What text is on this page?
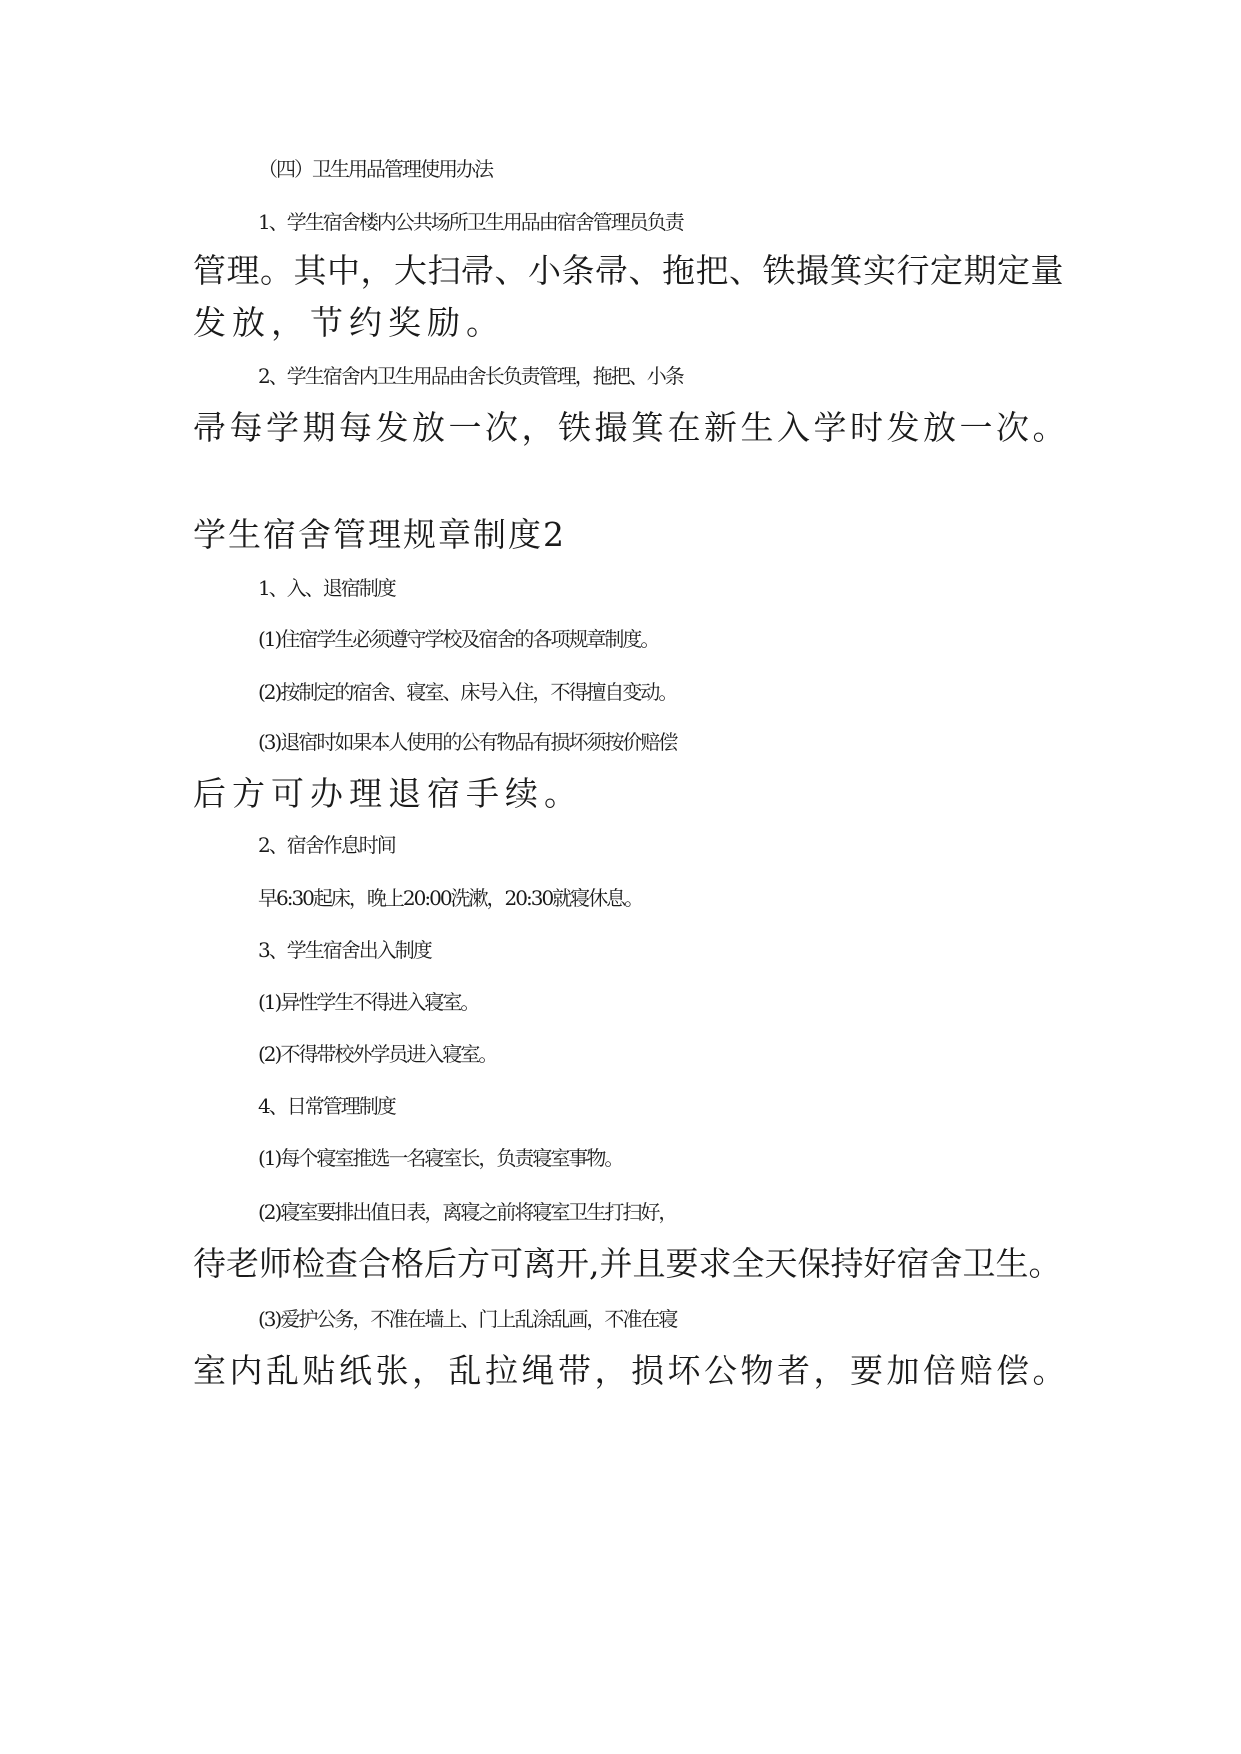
（四）卫生用品管理使用办法

1、学生宿舍楼内公共场所卫生用品由宿舍管理员负责

管理。其中，大扫帚、小条帚、拖把、铁撮箕实行定期定量

发放，节约奖励。

2、学生宿舍内卫生用品由舍长负责管理，拖把、小条

帚每学期每发放一次，铁撮箕在新生入学时发放一次。

学生宿舍管理规章制度2

1、入、退宿制度

(1)住宿学生必须遵守学校及宿舍的各项规章制度。

(2)按制定的宿舍、寝室、床号入住，不得擅自变动。

(3)退宿时如果本人使用的公有物品有损坏须按价赔偿

后方可办理退宿手续。

2、宿舍作息时间

早6:30起床，晚上20:00洗漱，20:30就寝休息。

3、学生宿舍出入制度

(1)异性学生不得进入寝室。

(2)不得带校外学员进入寝室。

4、日常管理制度

(1)每个寝室推选一名寝室长，负责寝室事物。

(2)寝室要排出值日表，离寝之前将寝室卫生打扫好，

待老师检查合格后方可离开,并且要求全天保持好宿舍卫生。

(3)爱护公务，不准在墙上、门上乱涂乱画，不准在寝

室内乱贴纸张，乱拉绳带，损坏公物者，要加倍赔偿。
